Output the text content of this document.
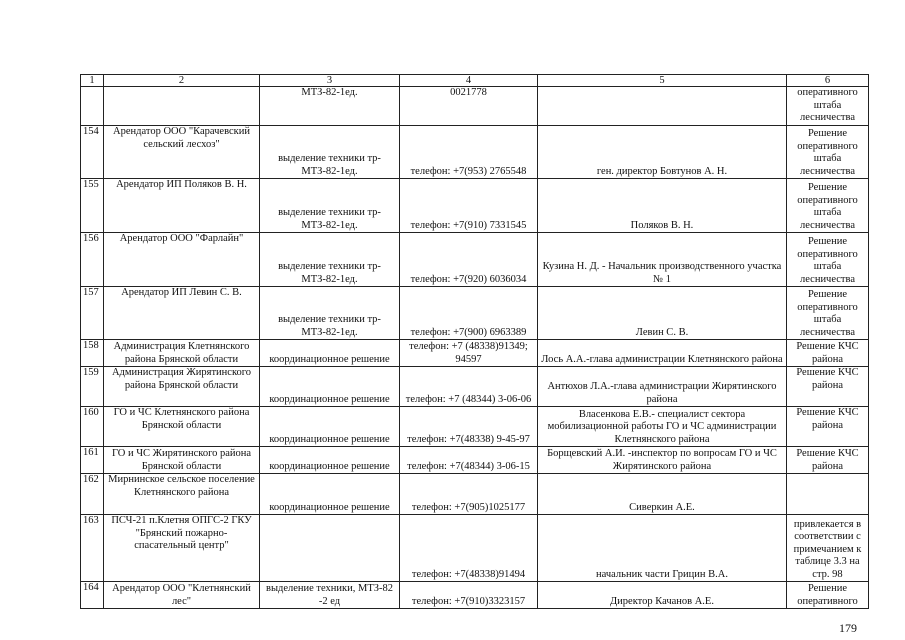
1	2	3	4	5	6
		МТЗ-82-1ед.	0021778		оперативного штаба лесничества
154	Арендатор ООО "Карачевский сельский лесхоз"	выделение техники тр-МТЗ-82-1ед.	телефон: +7(953) 2765548	ген. директор Бовтунов А. Н.	Решение оперативного штаба лесничества
155	Арендатор ИП Поляков В. Н.	выделение техники тр-МТЗ-82-1ед.	телефон: +7(910) 7331545	Поляков В. Н.	Решение оперативного штаба лесничества
156	Арендатор ООО "Фарлайн"	выделение техники тр-МТЗ-82-1ед.	телефон: +7(920) 6036034	Кузина Н. Д. - Начальник производственного участка № 1	Решение оперативного штаба лесничества
157	Арендатор ИП Левин С. В.	выделение техники тр-МТЗ-82-1ед.	телефон: +7(900) 6963389	Левин С. В.	Решение оперативного штаба лесничества
158	Администрация Клетнянского района Брянской области	координационное решение	телефон: +7 (48338)91349; 94597	Лось А.А.-глава администрации Клетнянского района	Решение КЧС района
159	Администрация Жирятинского района Брянской области	координационное решение	телефон: +7 (48344) 3-06-06	Антюхов Л.А.-глава администрации Жирятинского района	Решение КЧС района
160	ГО и ЧС Клетнянского района Брянской области	координационное решение	телефон: +7(48338) 9-45-97	Власенкова Е.В.- специалист сектора мобилизационной работы ГО и ЧС администрации Клетнянского района	Решение КЧС района
161	ГО и ЧС Жирятинского района Брянской области	координационное решение	телефон: +7(48344) 3-06-15	Борщевский А.И. -инспектор по вопросам ГО и ЧС Жирятинского района	Решение КЧС района
162	Мирнинское сельское поселение Клетнянского района	координационное решение	телефон: +7(905)1025177	Сиверкин А.Е.	
163	ПСЧ-21 п.Клетня ОПГС-2 ГКУ "Брянский пожарно-спасательный центр"		телефон: +7(48338)91494	начальник части Грицин В.А.	привлекается в соответствии с примечанием к таблице 3.3 на стр. 98
164	Арендатор ООО "Клетнянский лес"	выделение техники, МТЗ-82 -2 ед	телефон: +7(910)3323157	Директор Качанов А.Е.	Решение оперативного
179
